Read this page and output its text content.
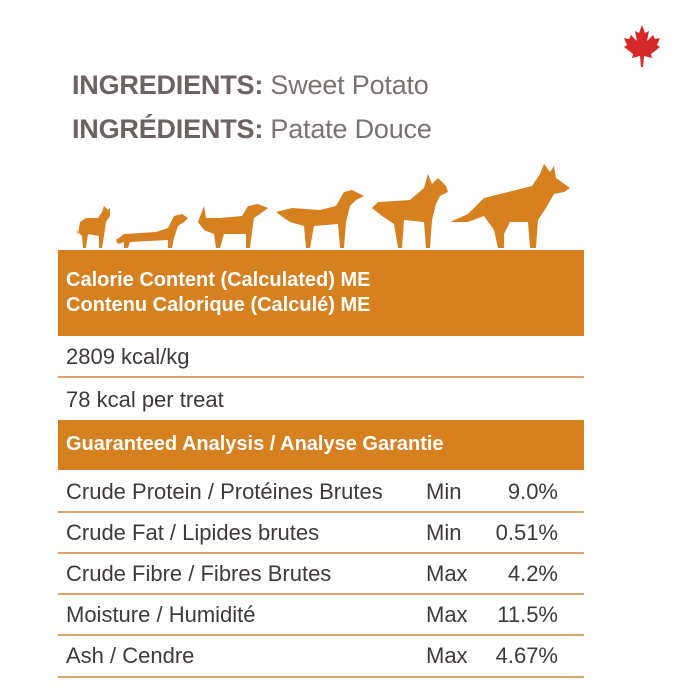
INGREDIENTS: Sweet Potato
INGRÉDIENTS: Patate Douce
Calorie Content (Calculated) ME
Contenu Calorique (Calculé) ME
2809 kcal/kg
78 kcal per treat
Guaranteed Analysis / Analyse Garantie
Crude Protein / Protéines Brutes	Min	9.0%
Crude Fat / Lipides brutes	Min	0.51%
Crude Fibre / Fibres Brutes	Max	4.2%
Moisture / Humidité	Max	11.5%
Ash / Cendre	Max	4.67%
